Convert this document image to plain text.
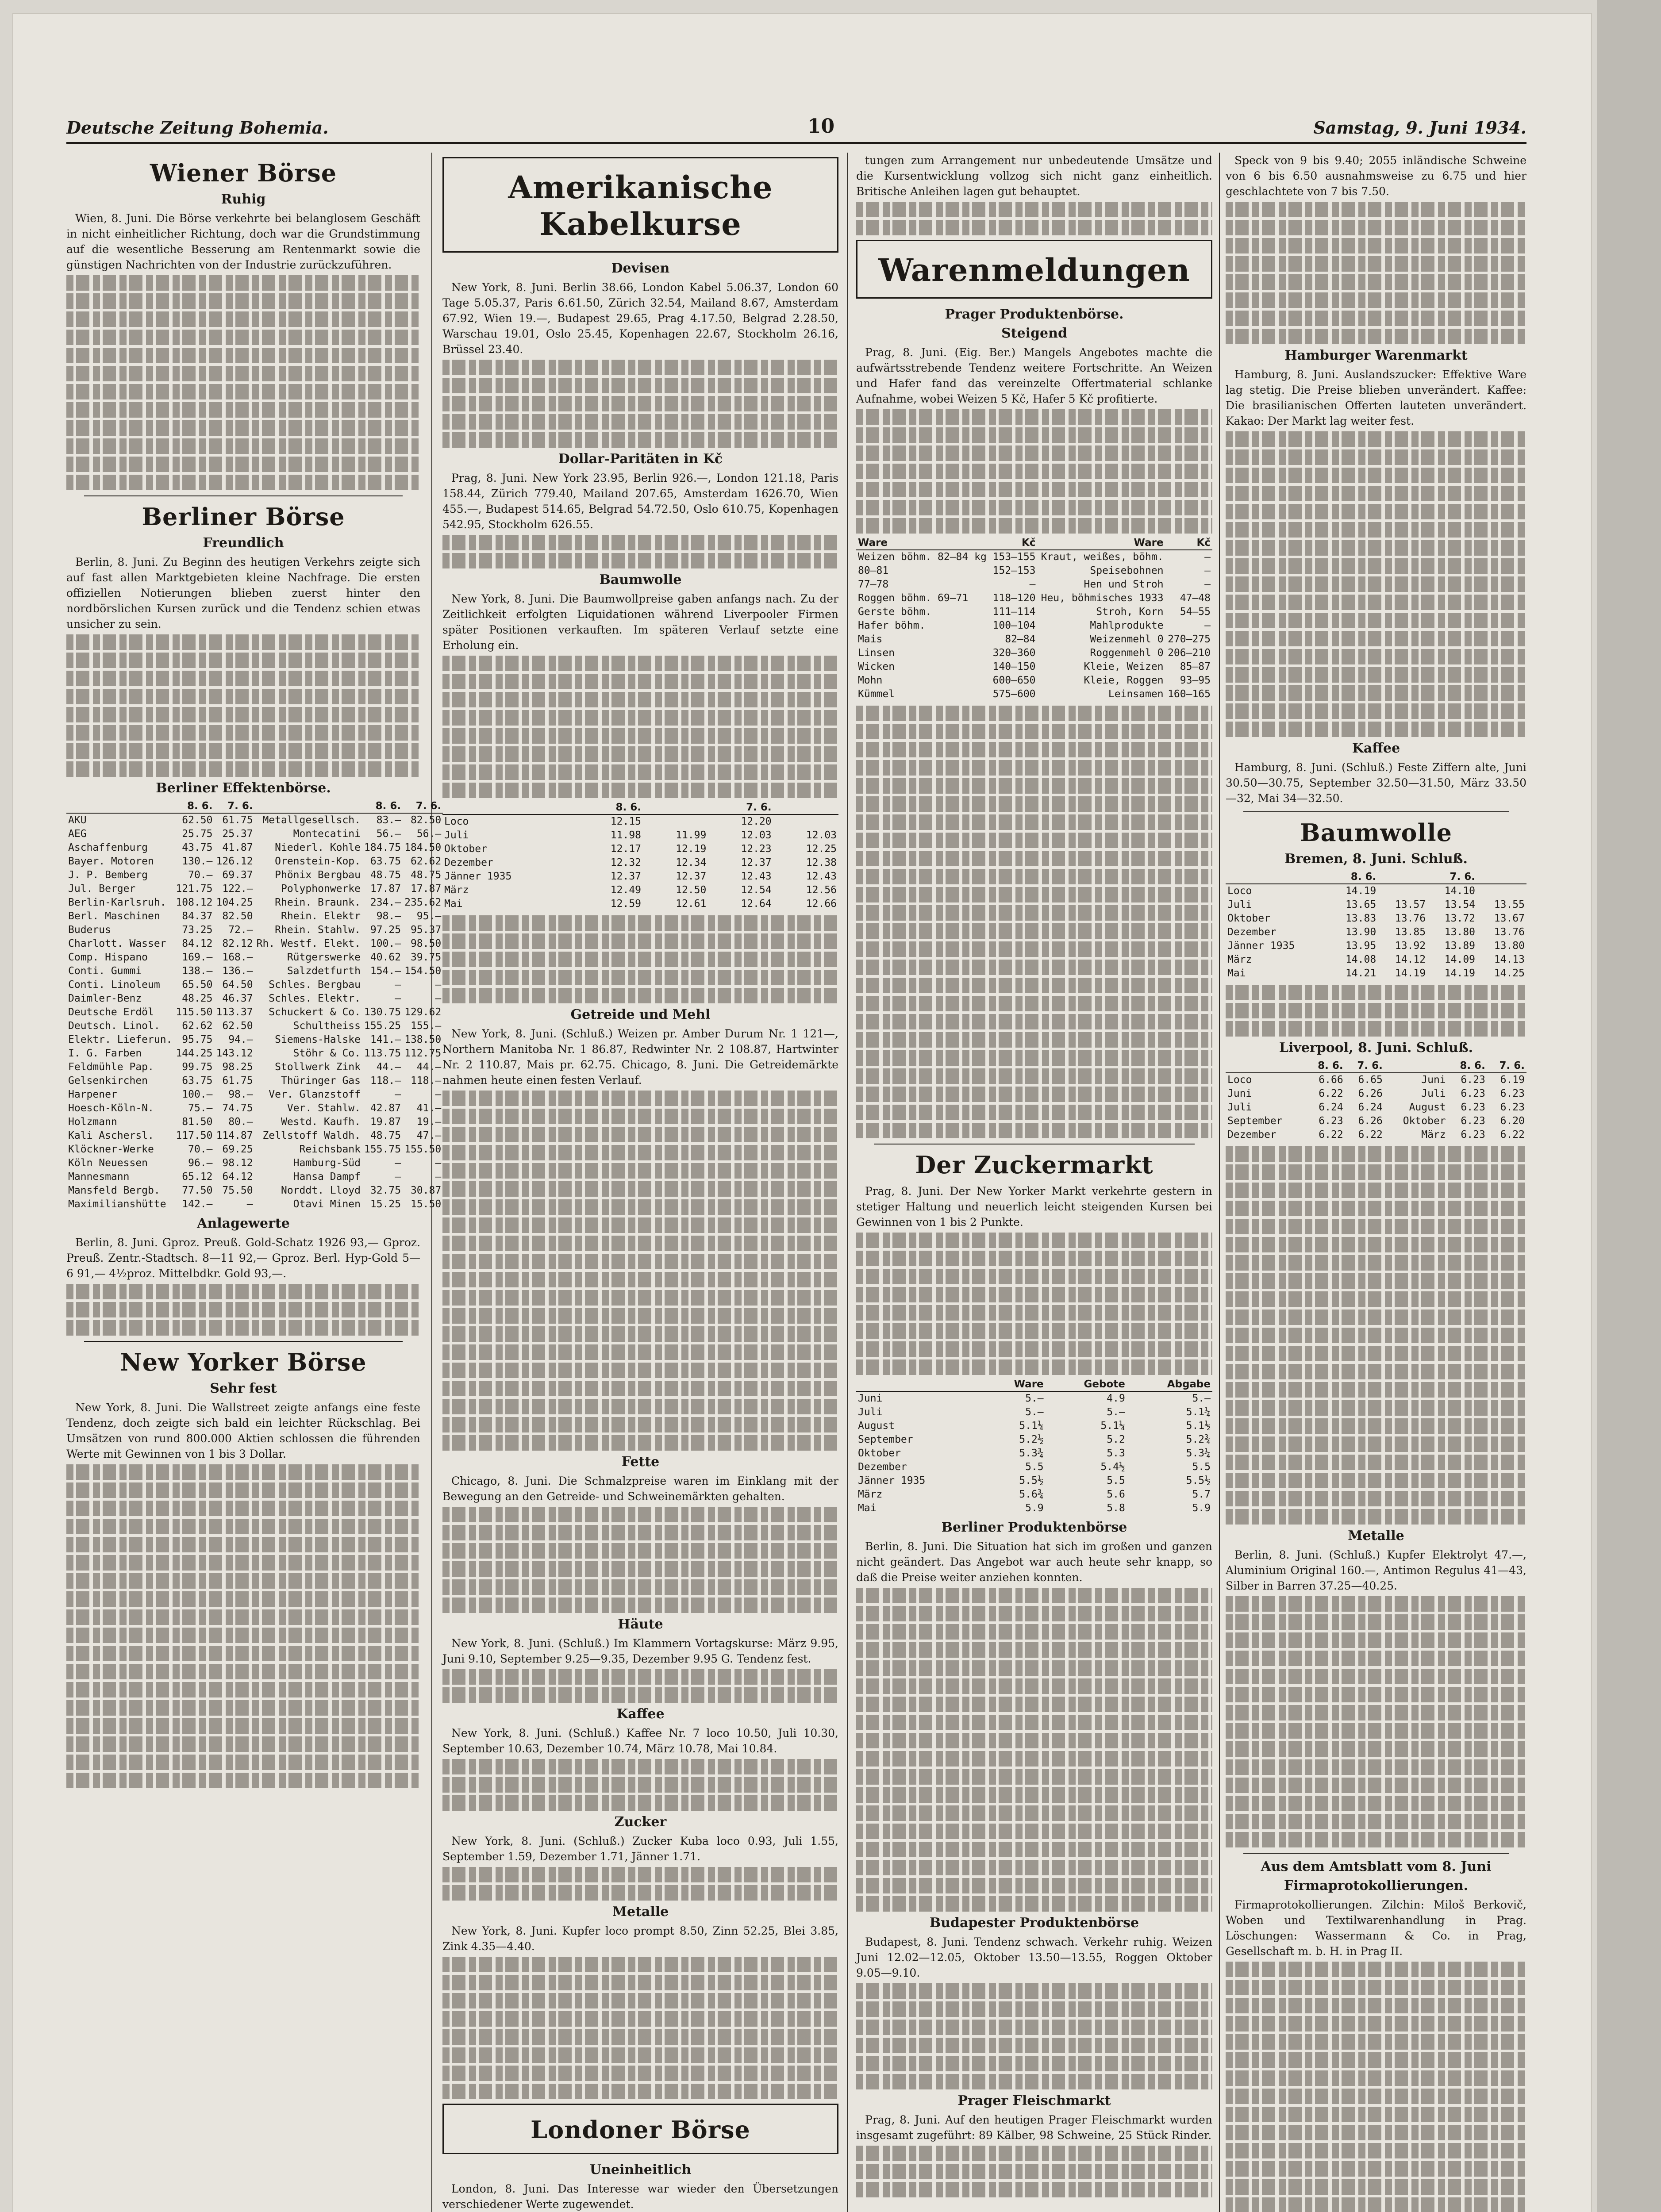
Deutsche Zeitung Bohemia.	10	Samstag, 9. Juni 1934.
Wiener Börse
Ruhig

Wien, 8. Juni. Die Börse verkehrte bei belanglosem Geschäft in nicht einheitlicher Richtung, doch war die Grundstimmung auf die wesentliche Besserung am Rentenmarkt sowie die günstigen Nachrichten von der Industrie zurückzuführen.

Berliner Börse
Freundlich

Berlin, 8. Juni. Zu Beginn des heutigen Verkehrs zeigte sich auf fast allen Marktgebieten kleine Nachfrage. Die ersten offiziellen Notierungen blieben zuerst hinter den nordbörslichen Kursen zurück und die Tendenz schien etwas unsicher zu sein.

Berliner Effektenbörse.
	8. 6.	7. 6.		8. 6.	7. 6.
AKU	62.50	61.75	Metallgesellsch.	83.—	82.50
AEG	25.75	25.37	Montecatini	56.—	56.—
Aschaffenburg	43.75	41.87	Niederl. Kohle	184.75	184.50
Bayer. Motoren	130.—	126.12	Orenstein-Kop.	63.75	62.62
J. P. Bemberg	70.—	69.37	Phönix Bergbau	48.75	48.75
Jul. Berger	121.75	122.—	Polyphonwerke	17.87	17.87
Berlin-Karlsruh.	108.12	104.25	Rhein. Braunk.	234.—	235.62
Berl. Maschinen	84.37	82.50	Rhein. Elektr	98.—	95.—
Buderus	73.25	72.—	Rhein. Stahlw.	97.25	95.37
Charlott. Wasser	84.12	82.12	Rh. Westf. Elekt.	100.—	98.50
Comp. Hispano	169.—	168.—	Rütgerswerke	40.62	39.75
Conti. Gummi	138.—	136.—	Salzdetfurth	154.—	154.50
Conti. Linoleum	65.50	64.50	Schles. Bergbau	—	—
Daimler-Benz	48.25	46.37	Schles. Elektr.	—	—
Deutsche Erdöl	115.50	113.37	Schuckert & Co.	130.75	129.62
Deutsch. Linol.	62.62	62.50	Schultheiss	155.25	155.—
Elektr. Lieferun.	95.75	94.—	Siemens-Halske	141.—	138.50
I. G. Farben	144.25	143.12	Stöhr & Co.	113.75	112.75
Feldmühle Pap.	99.75	98.25	Stollwerk Zink	44.—	44.—
Gelsenkirchen	63.75	61.75	Thüringer Gas	118.—	118.—
Harpener	100.—	98.—	Ver. Glanzstoff	—	—
Hoesch-Köln-N.	75.—	74.75	Ver. Stahlw.	42.87	41.—
Holzmann	81.50	80.—	Westd. Kaufh.	19.87	19.—
Kali Aschersl.	117.50	114.87	Zellstoff Waldh.	48.75	47.—
Klöckner-Werke	70.—	69.25	Reichsbank	155.75	155.50
Köln Neuessen	96.—	98.12	Hamburg-Süd	—	—
Mannesmann	65.12	64.12	Hansa Dampf	—	—
Mansfeld Bergb.	77.50	75.50	Norddt. Lloyd	32.75	30.87
Maximilianshütte	142.—	—	Otavi Minen	15.25	15.50
Anlagewerte

Berlin, 8. Juni. Gproz. Preuß. Gold-Schatz 1926 93,— Gproz. Preuß. Zentr.-Stadtsch. 8—11 92,— Gproz. Berl. Hyp-Gold 5—6 91,— 4½proz. Mittelbdkr. Gold 93,—.

New Yorker Börse
Sehr fest

New York, 8. Juni. Die Wallstreet zeigte anfangs eine feste Tendenz, doch zeigte sich bald ein leichter Rückschlag. Bei Umsätzen von rund 800.000 Aktien schlossen die führenden Werte mit Gewinnen von 1 bis 3 Dollar.

Amerikanische Kabelkurse
Devisen

New York, 8. Juni. Berlin 38.66, London Kabel 5.06.37, London 60 Tage 5.05.37, Paris 6.61.50, Zürich 32.54, Mailand 8.67, Amsterdam 67.92, Wien 19.—, Budapest 29.65, Prag 4.17.50, Belgrad 2.28.50, Warschau 19.01, Oslo 25.45, Kopenhagen 22.67, Stockholm 26.16, Brüssel 23.40.

Dollar-Paritäten in Kč

Prag, 8. Juni. New York 23.95, Berlin 926.—, London 121.18, Paris 158.44, Zürich 779.40, Mailand 207.65, Amsterdam 1626.70, Wien 455.—, Budapest 514.65, Belgrad 54.72.50, Oslo 610.75, Kopenhagen 542.95, Stockholm 626.55.

Baumwolle

New York, 8. Juni. Die Baumwollpreise gaben anfangs nach. Zu der Zeitlichkeit erfolgten Liquidationen während Liverpooler Firmen später Positionen verkauften. Im späteren Verlauf setzte eine Erholung ein.

	8. 6.		7. 6.	
Loco	12.15		12.20	
Juli	11.98	11.99	12.03	12.03
Oktober	12.17	12.19	12.23	12.25
Dezember	12.32	12.34	12.37	12.38
Jänner 1935	12.37	12.37	12.43	12.43
März	12.49	12.50	12.54	12.56
Mai	12.59	12.61	12.64	12.66
Getreide und Mehl

New York, 8. Juni. (Schluß.) Weizen pr. Amber Durum Nr. 1 121—, Northern Manitoba Nr. 1 86.87, Redwinter Nr. 2 108.87, Hartwinter Nr. 2 110.87, Mais pr. 62.75. Chicago, 8. Juni. Die Getreidemärkte nahmen heute einen festen Verlauf.

Fette

Chicago, 8. Juni. Die Schmalzpreise waren im Einklang mit der Bewegung an den Getreide- und Schweinemärkten gehalten.

Häute

New York, 8. Juni. (Schluß.) Im Klammern Vortagskurse: März 9.95, Juni 9.10, September 9.25—9.35, Dezember 9.95 G. Tendenz fest.

Kaffee

New York, 8. Juni. (Schluß.) Kaffee Nr. 7 loco 10.50, Juli 10.30, September 10.63, Dezember 10.74, März 10.78, Mai 10.84.

Zucker

New York, 8. Juni. (Schluß.) Zucker Kuba loco 0.93, Juli 1.55, September 1.59, Dezember 1.71, Jänner 1.71.

Metalle

New York, 8. Juni. Kupfer loco prompt 8.50, Zinn 52.25, Blei 3.85, Zink 4.35—4.40.

Londoner Börse
Uneinheitlich

London, 8. Juni. Das Interesse war wieder den Übersetzungen verschiedener Werte zugewendet.

tungen zum Arrangement nur unbedeutende Umsätze und die Kursentwicklung vollzog sich nicht ganz einheitlich. Britische Anleihen lagen gut behauptet.

Warenmeldungen
Prager Produktenbörse.
Steigend

Prag, 8. Juni. (Eig. Ber.) Mangels Angebotes machte die aufwärtsstrebende Tendenz weitere Fortschritte. An Weizen und Hafer fand das vereinzelte Offertmaterial schlanke Aufnahme, wobei Weizen 5 Kč, Hafer 5 Kč profitierte.

Ware	Kč	Ware	Kč
Weizen böhm. 82—84 kg	153—155	Kraut, weißes, böhm.	—
80—81	152—153	Speisebohnen	—
77—78	—	Hen und Stroh	—
Roggen böhm. 69—71	118—120	Heu, böhmisches 1933	47—48
Gerste böhm.	111—114	Stroh, Korn	54—55
Hafer böhm.	100—104	Mahlprodukte	—
Mais	82—84	Weizenmehl 0	270—275
Linsen	320—360	Roggenmehl 0	206—210
Wicken	140—150	Kleie, Weizen	85—87
Mohn	600—650	Kleie, Roggen	93—95
Kümmel	575—600	Leinsamen	160—165
Der Zuckermarkt

Prag, 8. Juni. Der New Yorker Markt verkehrte gestern in stetiger Haltung und neuerlich leicht steigenden Kursen bei Gewinnen von 1 bis 2 Punkte.

	Ware	Gebote	Abgabe
Juni	5.—	4.9	5.—
Juli	5.—	5.—	5.1¼
August	5.1¼	5.1¼	5.1½
September	5.2½	5.2	5.2¾
Oktober	5.3¾	5.3	5.3¼
Dezember	5.5	5.4½	5.5
Jänner 1935	5.5½	5.5	5.5½
März	5.6¾	5.6	5.7
Mai	5.9	5.8	5.9
Berliner Produktenbörse

Berlin, 8. Juni. Die Situation hat sich im großen und ganzen nicht geändert. Das Angebot war auch heute sehr knapp, so daß die Preise weiter anziehen konnten.

Budapester Produktenbörse

Budapest, 8. Juni. Tendenz schwach. Verkehr ruhig. Weizen Juni 12.02—12.05, Oktober 13.50—13.55, Roggen Oktober 9.05—9.10.

Prager Fleischmarkt

Prag, 8. Juni. Auf den heutigen Prager Fleischmarkt wurden insgesamt zugeführt: 89 Kälber, 98 Schweine, 25 Stück Rinder.

Speck von 9 bis 9.40; 2055 inländische Schweine von 6 bis 6.50 ausnahmsweise zu 6.75 und hier geschlachtete von 7 bis 7.50.

Hamburger Warenmarkt

Hamburg, 8. Juni. Auslandszucker: Effektive Ware lag stetig. Die Preise blieben unverändert. Kaffee: Die brasilianischen Offerten lauteten unverändert. Kakao: Der Markt lag weiter fest.

Kaffee

Hamburg, 8. Juni. (Schluß.) Feste Ziffern alte, Juni 30.50—30.75, September 32.50—31.50, März 33.50—32, Mai 34—32.50.

Baumwolle
Bremen, 8. Juni. Schluß.
	8. 6.		7. 6.	
Loco	14.19		14.10	
Juli	13.65	13.57	13.54	13.55
Oktober	13.83	13.76	13.72	13.67
Dezember	13.90	13.85	13.80	13.76
Jänner 1935	13.95	13.92	13.89	13.80
März	14.08	14.12	14.09	14.13
Mai	14.21	14.19	14.19	14.25
Liverpool, 8. Juni. Schluß.
	8. 6.	7. 6.		8. 6.	7. 6.
Loco	6.66	6.65	Juni	6.23	6.19
Juni	6.22	6.26	Juli	6.23	6.23
Juli	6.24	6.24	August	6.23	6.23
September	6.23	6.26	Oktober	6.23	6.20
Dezember	6.22	6.22	März	6.23	6.22
Metalle

Berlin, 8. Juni. (Schluß.) Kupfer Elektrolyt 47.—, Aluminium Original 160.—, Antimon Regulus 41—43, Silber in Barren 37.25—40.25.

Aus dem Amtsblatt vom 8. Juni
Firmaprotokollierungen.

Firmaprotokollierungen. Zilchin: Miloš Berkovič, Woben und Textilwarenhandlung in Prag. Löschungen: Wassermann & Co. in Prag, Gesellschaft m. b. H. in Prag II.
